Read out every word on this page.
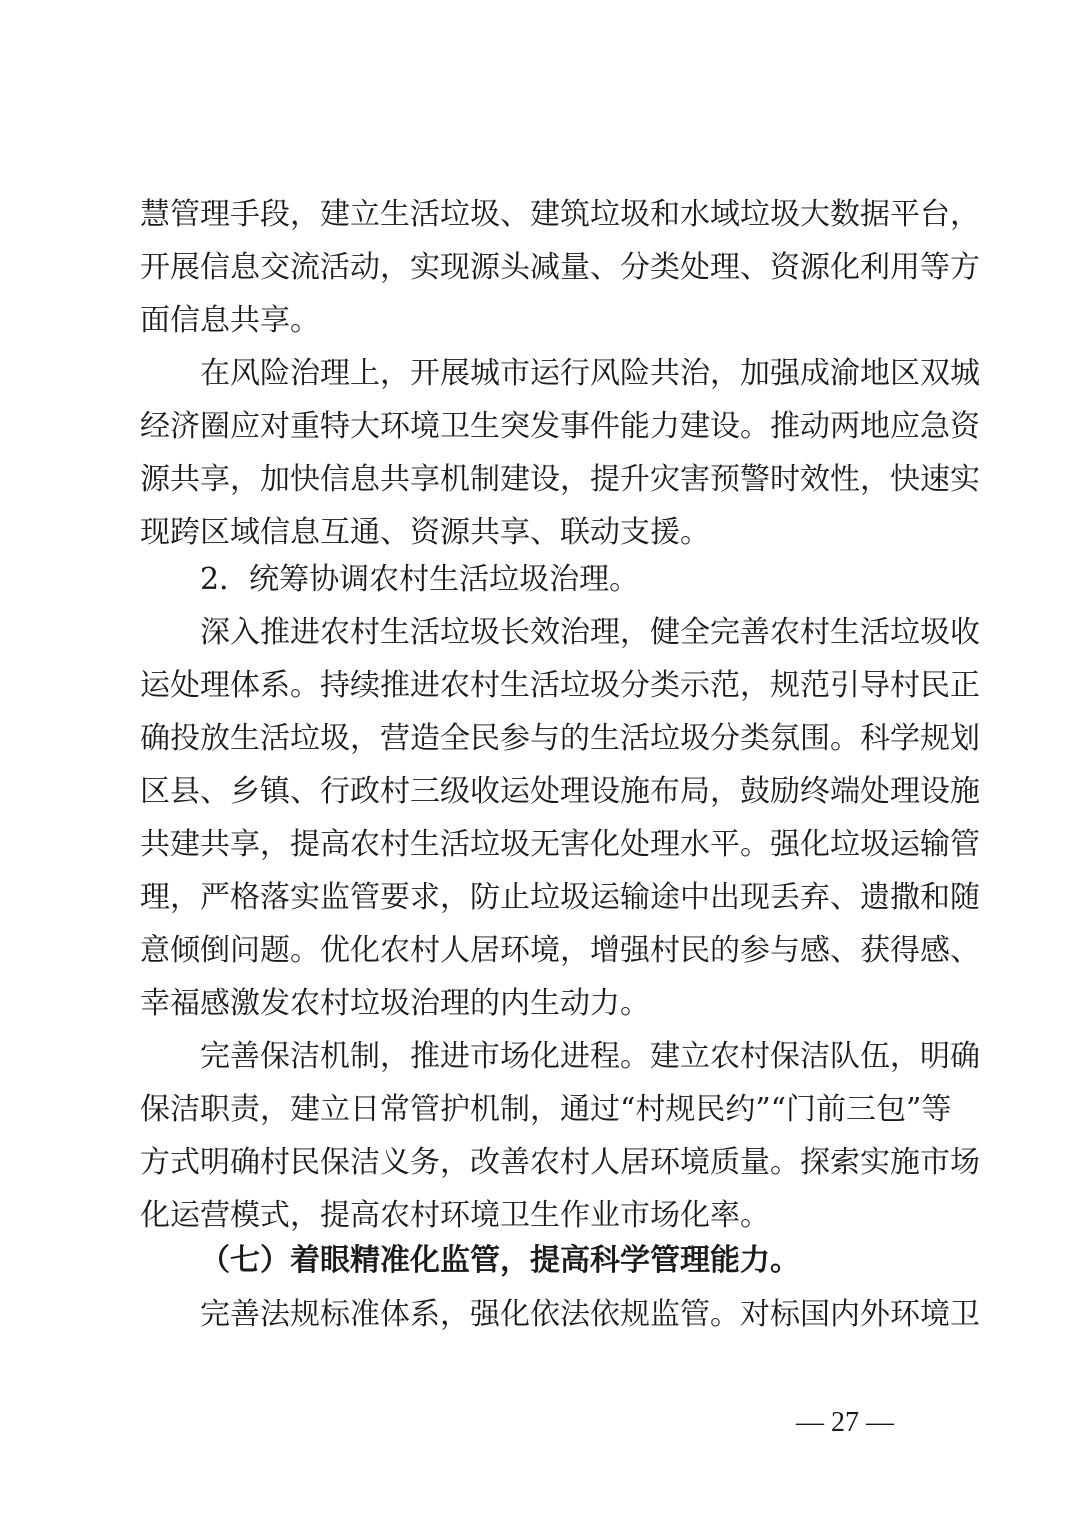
慧管理手段，建立生活垃圾、建筑垃圾和水域垃圾大数据平台，
开展信息交流活动，实现源头减量、分类处理、资源化利用等方
面信息共享。
在风险治理上，开展城市运行风险共治，加强成渝地区双城
经济圈应对重特大环境卫生突发事件能力建设。推动两地应急资
源共享，加快信息共享机制建设，提升灾害预警时效性，快速实
现跨区域信息互通、资源共享、联动支援。
2．统筹协调农村生活垃圾治理。
深入推进农村生活垃圾长效治理，健全完善农村生活垃圾收
运处理体系。持续推进农村生活垃圾分类示范，规范引导村民正
确投放生活垃圾，营造全民参与的生活垃圾分类氛围。科学规划
区县、乡镇、行政村三级收运处理设施布局，鼓励终端处理设施
共建共享，提高农村生活垃圾无害化处理水平。强化垃圾运输管
理，严格落实监管要求，防止垃圾运输途中出现丢弃、遗撒和随
意倾倒问题。优化农村人居环境，增强村民的参与感、获得感、
幸福感激发农村垃圾治理的内生动力。
完善保洁机制，推进市场化进程。建立农村保洁队伍，明确
保洁职责，建立日常管护机制，通过“村规民约”“门前三包”等
方式明确村民保洁义务，改善农村人居环境质量。探索实施市场
化运营模式，提高农村环境卫生作业市场化率。
（七）着眼精准化监管，提高科学管理能力。
完善法规标准体系，强化依法依规监管。对标国内外环境卫
— 27 —
